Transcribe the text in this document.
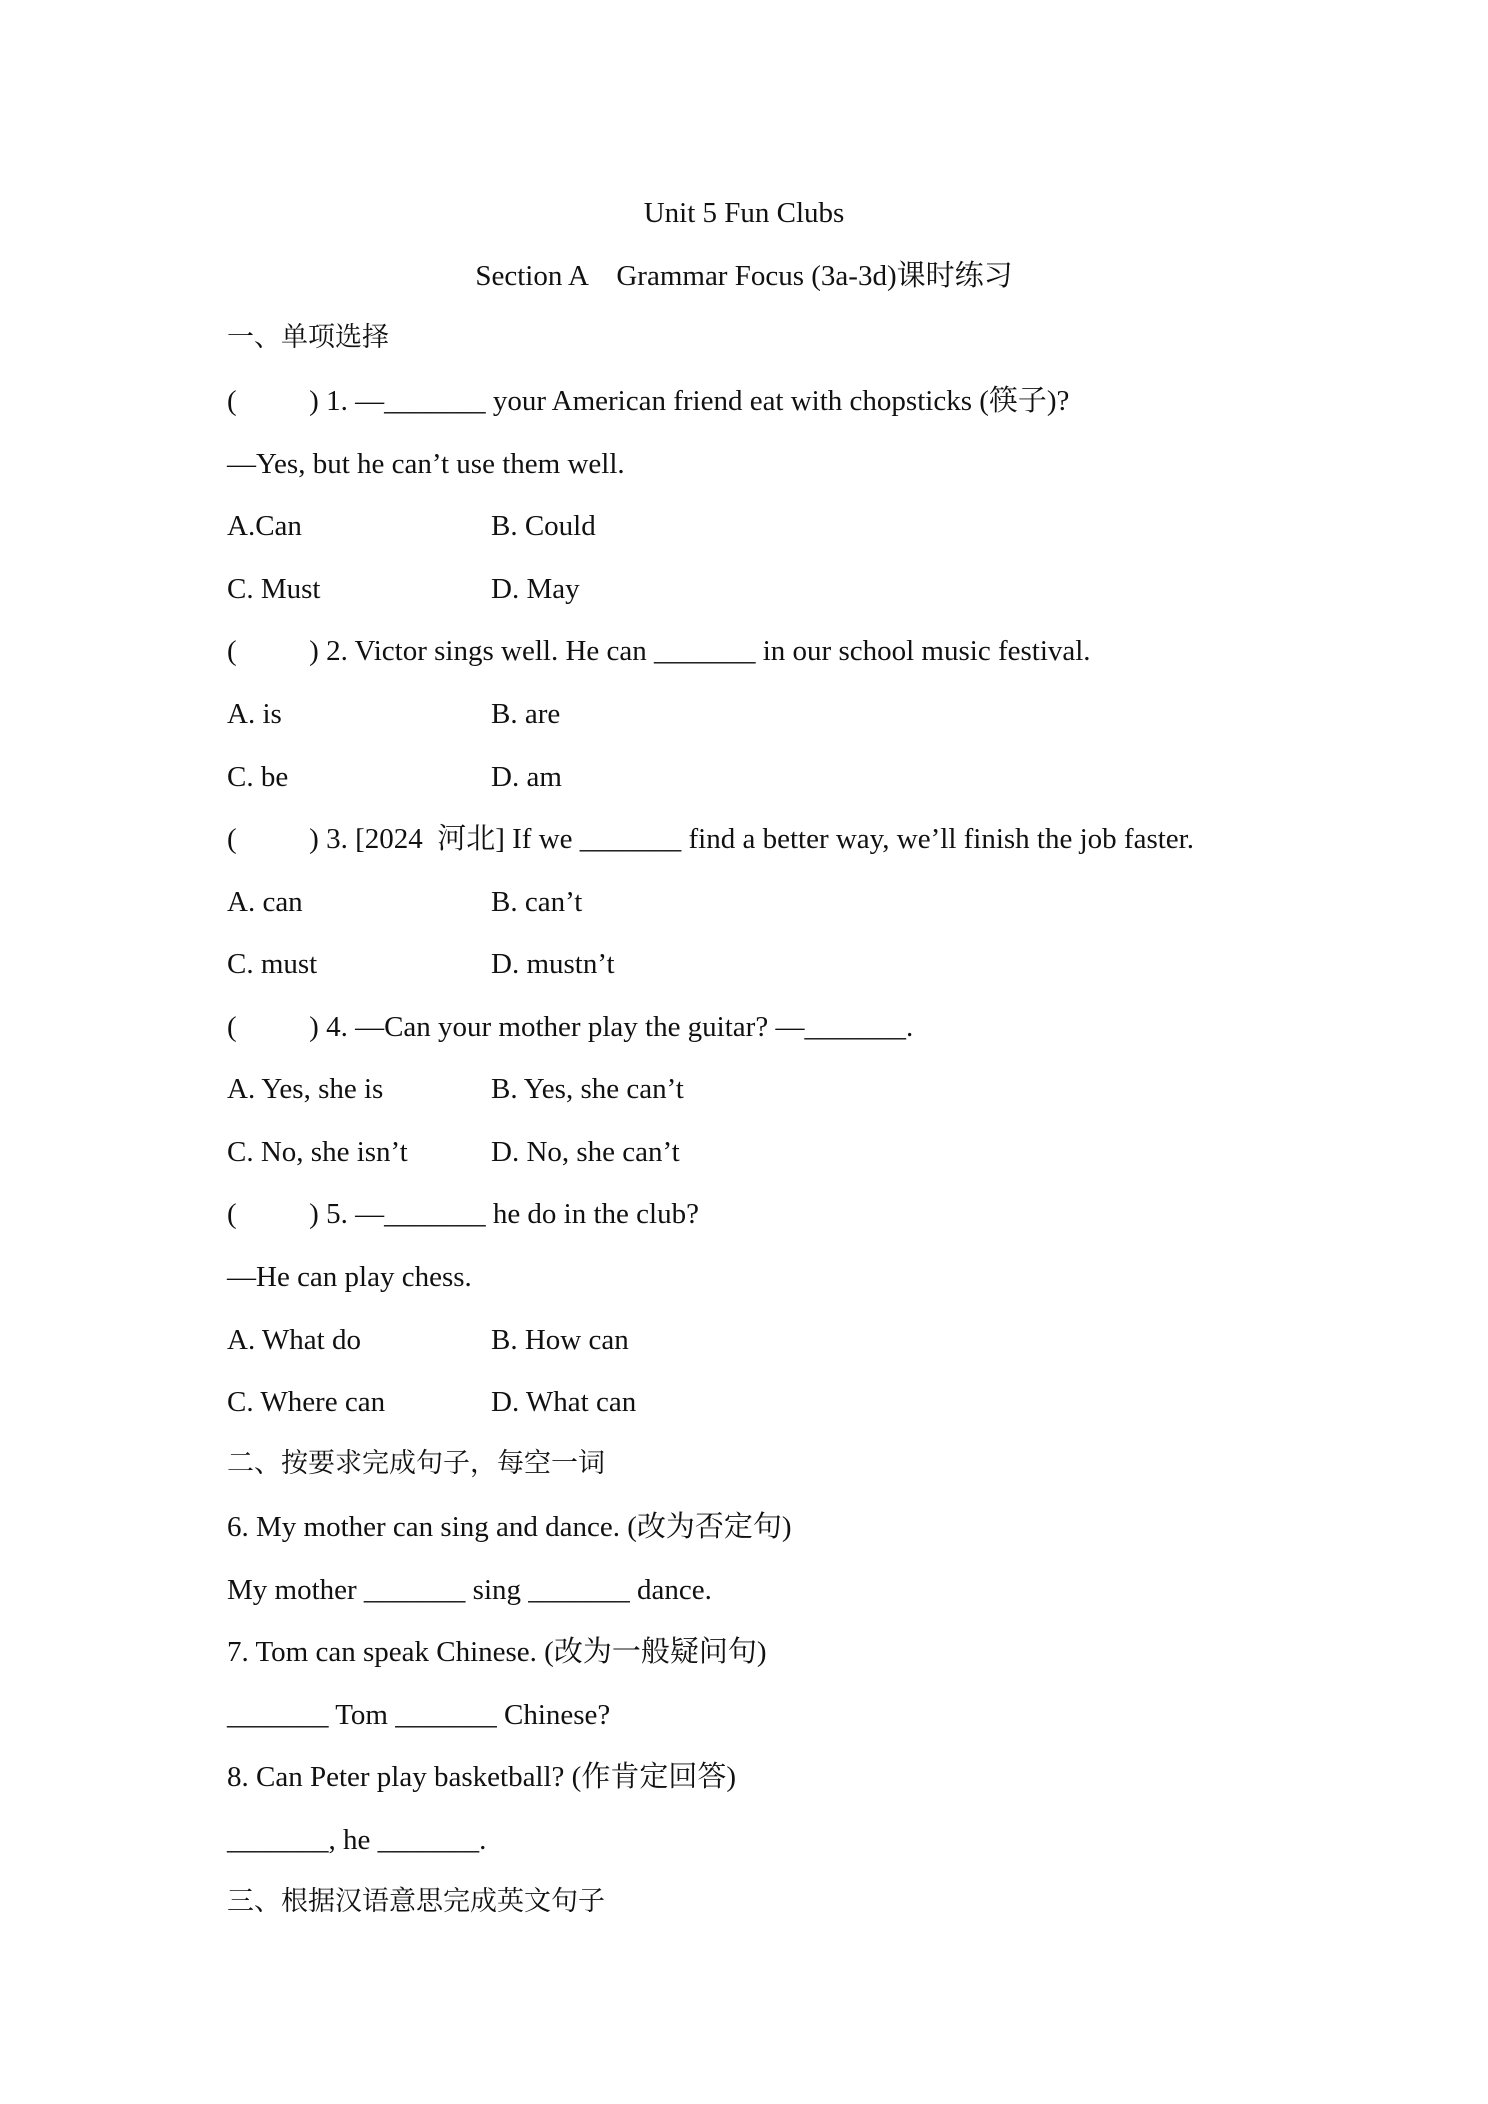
Unit 5 Fun Clubs
Section A    Grammar Focus (3a-3d)课时练习
一、单项选择
(          ) 1. —_______ your American friend eat with chopsticks (筷子)?
—Yes, but he can’t use them well.
A.Can	B. Could
C. Must	D. May
(          ) 2. Victor sings well. He can _______ in our school music festival.
A. is	B. are
C. be	D. am
(          ) 3. [2024  河北] If we _______ find a better way, we’ll finish the job faster.
A. can	B. can’t
C. must	D. mustn’t
(          ) 4. —Can your mother play the guitar? —_______.
A. Yes, she is	B. Yes, she can’t
C. No, she isn’t	D. No, she can’t
(          ) 5. —_______ he do in the club?
—He can play chess.
A. What do	B. How can
C. Where can	D. What can
二、按要求完成句子，每空一词
6. My mother can sing and dance. (改为否定句)
My mother _______ sing _______ dance.
7. Tom can speak Chinese. (改为一般疑问句)
_______ Tom _______ Chinese?
8. Can Peter play basketball? (作肯定回答)
_______, he _______.
三、根据汉语意思完成英文句子
